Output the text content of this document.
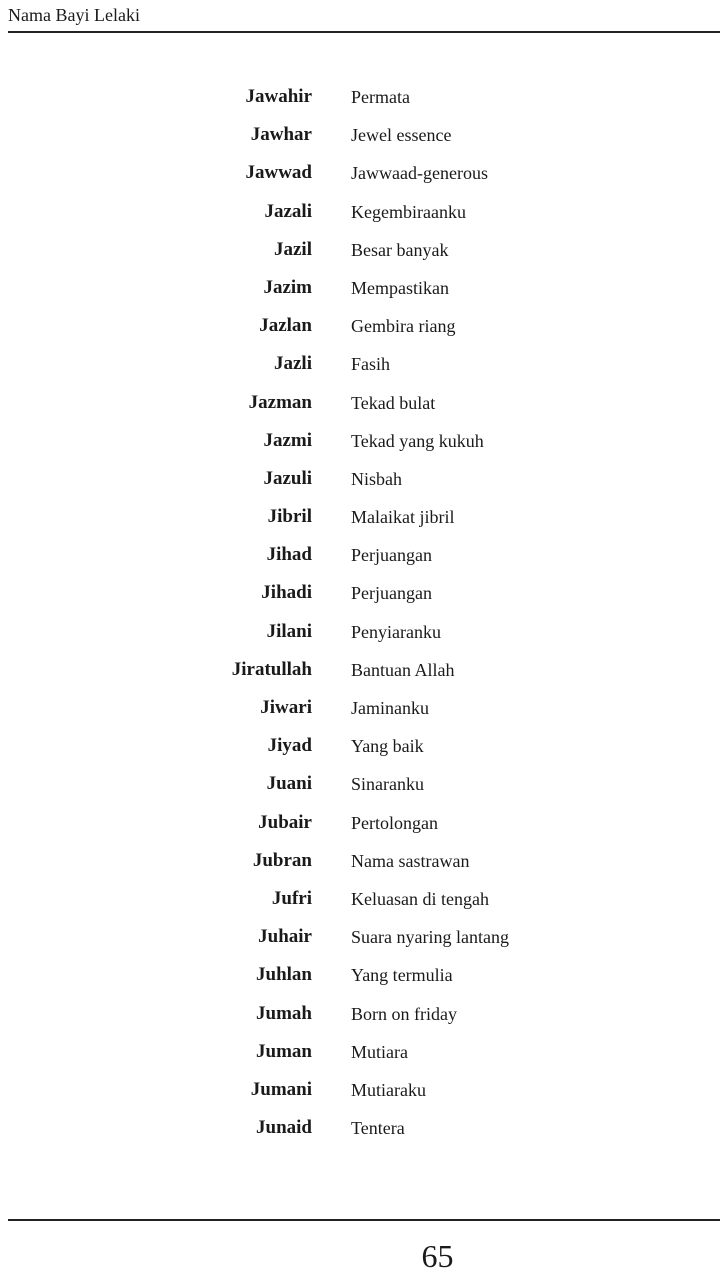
Nama Bayi Lelaki
Jawahir Permata
Jawhar Jewel essence
Jawwad Jawwaad-generous
Jazali Kegembiraanku
Jazil Besar banyak
Jazim Mempastikan
Jazlan Gembira riang
Jazli Fasih
Jazman Tekad bulat
Jazmi Tekad yang kukuh
Jazuli Nisbah
Jibril Malaikat jibril
Jihad Perjuangan
Jihadi Perjuangan
Jilani Penyiaranku
Jiratullah Bantuan Allah
Jiwari Jaminanku
Jiyad Yang baik
Juani Sinaranku
Jubair Pertolongan
Jubran Nama sastrawan
Jufri Keluasan di tengah
Juhair Suara nyaring lantang
Juhlan Yang termulia
Jumah Born on friday
Juman Mutiara
Jumani Mutiaraku
Junaid Tentera
65
